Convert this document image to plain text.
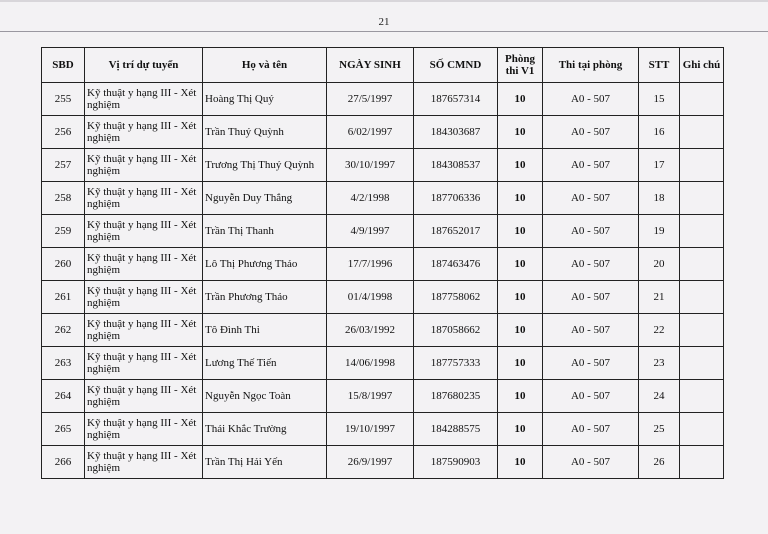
21
SBD	Vị trí dự tuyển	Họ và tên	NGÀY SINH	SỐ CMND	Phòng
thi V1	Thi tại phòng	STT	Ghi chú
255	Kỹ thuật y hạng III - Xét nghiệm	Hoàng Thị Quý	27/5/1997	187657314	10	A0 - 507	15	
256	Kỹ thuật y hạng III - Xét nghiệm	Trần Thuý Quỳnh	6/02/1997	184303687	10	A0 - 507	16	
257	Kỹ thuật y hạng III - Xét nghiệm	Trương Thị Thuý Quỳnh	30/10/1997	184308537	10	A0 - 507	17	
258	Kỹ thuật y hạng III - Xét nghiệm	Nguyễn Duy Thắng	4/2/1998	187706336	10	A0 - 507	18	
259	Kỹ thuật y hạng III - Xét nghiệm	Trần Thị Thanh	4/9/1997	187652017	10	A0 - 507	19	
260	Kỹ thuật y hạng III - Xét nghiệm	Lô Thị Phương Thảo	17/7/1996	187463476	10	A0 - 507	20	
261	Kỹ thuật y hạng III - Xét nghiệm	Trần Phương Thảo	01/4/1998	187758062	10	A0 - 507	21	
262	Kỹ thuật y hạng III - Xét nghiệm	Tô Đình Thi	26/03/1992	187058662	10	A0 - 507	22	
263	Kỹ thuật y hạng III - Xét nghiệm	Lương Thế Tiến	14/06/1998	187757333	10	A0 - 507	23	
264	Kỹ thuật y hạng III - Xét nghiệm	Nguyễn Ngọc Toàn	15/8/1997	187680235	10	A0 - 507	24	
265	Kỹ thuật y hạng III - Xét nghiệm	Thái Khắc Trường	19/10/1997	184288575	10	A0 - 507	25	
266	Kỹ thuật y hạng III - Xét nghiệm	Trần Thị Hải Yến	26/9/1997	187590903	10	A0 - 507	26	
